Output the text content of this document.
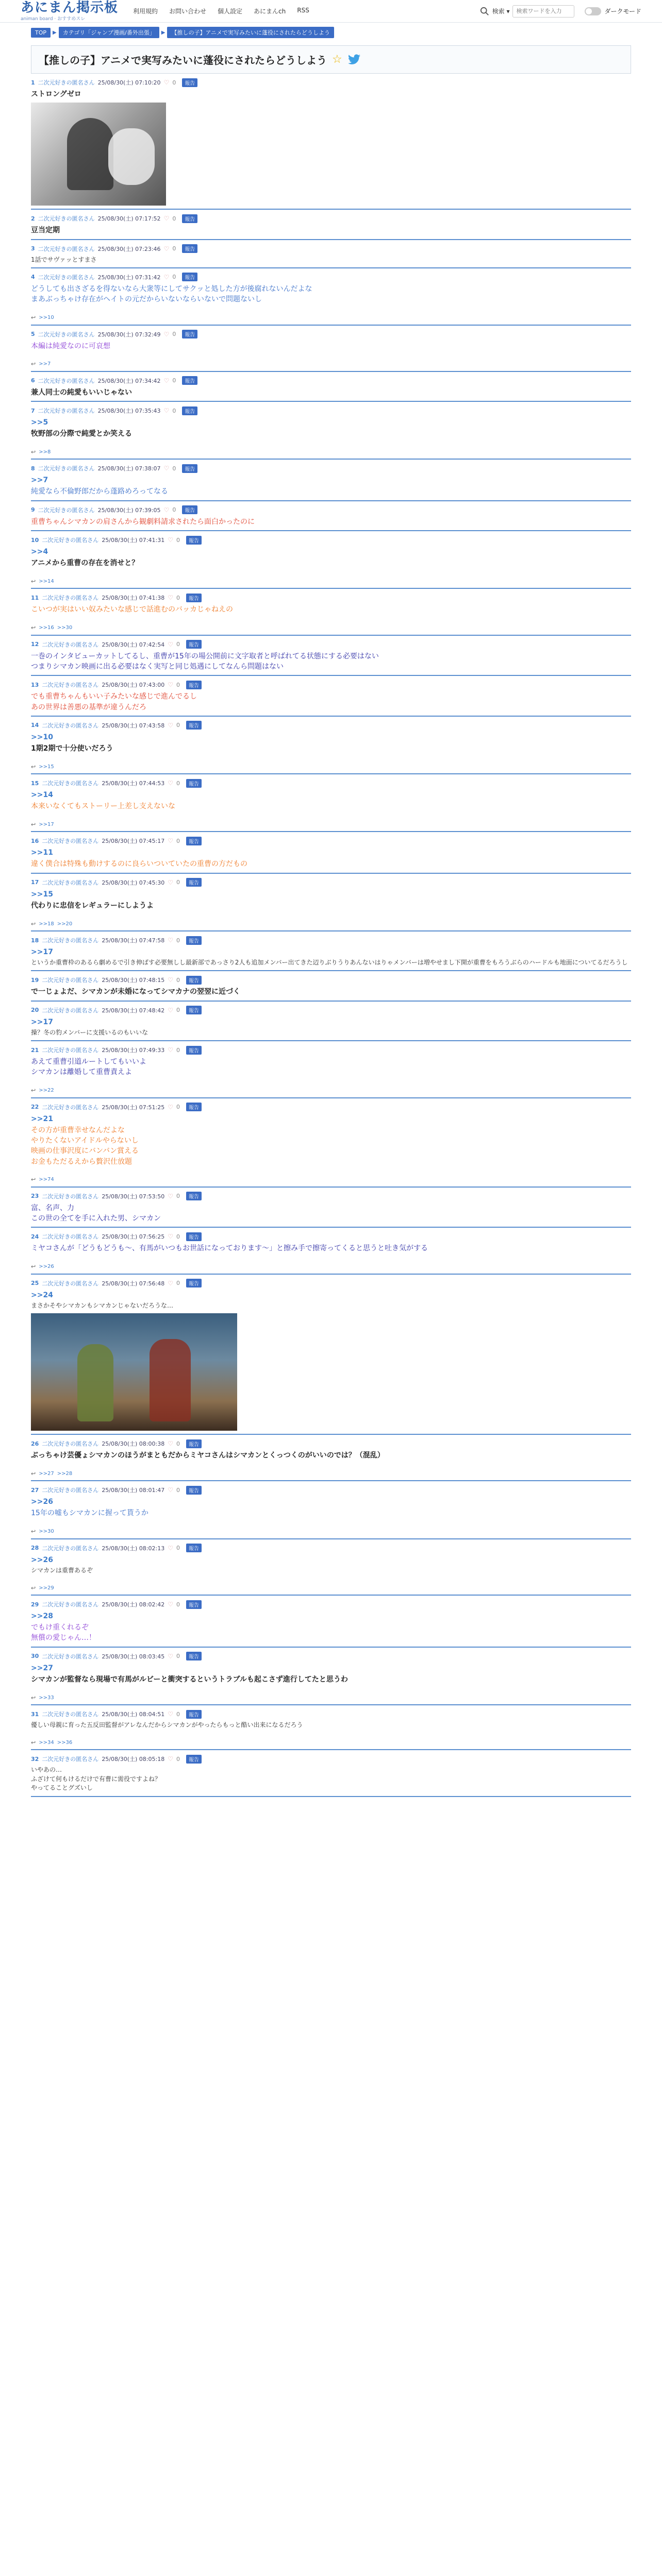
あにまん掲示板
animan board · おすすめスレ
利用規約 お問い合わせ 個人設定 あにまんch RSS	検索 ▾
検索ワードを入力	ダークモード
TOP	▶	カテゴリ「ジャンプ漫画/番外出張」	▶	【推しの子】アニメで実写みたいに蓬役にされたらどうしよう
【推しの子】アニメで実写みたいに蓬役にされたらどうしよう ☆
1 二次元好きの匿名さん 25/08/30(土) 07:10:20 ♡ 0	報告
ストロングゼロ
2 二次元好きの匿名さん 25/08/30(土) 07:17:52 ♡ 0	報告
豆当定期
3 二次元好きの匿名さん 25/08/30(土) 07:23:46 ♡ 0	報告
1話でサヴァッとすまさ
4 二次元好きの匿名さん 25/08/30(土) 07:31:42 ♡ 0	報告
どうしても出さざるを得ないなら大衆等にしてサクッと処した方が後腐れないんだよな
まあぶっちゃけ存在がヘイトの元だからいないならいないで問題ないし
↩ >>10
5 二次元好きの匿名さん 25/08/30(土) 07:32:49 ♡ 0	報告
本編は純愛なのに可哀想
↩ >>7
6 二次元好きの匿名さん 25/08/30(土) 07:34:42 ♡ 0	報告
兼人同士の純愛もいいじゃない
7 二次元好きの匿名さん 25/08/30(土) 07:35:43 ♡ 0	報告
>>5
牧野部の分際で純愛とか笑える
↩ >>8
8 二次元好きの匿名さん 25/08/30(土) 07:38:07 ♡ 0	報告
>>7
純愛なら不倫野郎だから蓬路めろってなる
9 二次元好きの匿名さん 25/08/30(土) 07:39:05 ♡ 0	報告
重曹ちゃんシマカンの肩さんから観劇料請求されたら面白かったのに
10 二次元好きの匿名さん 25/08/30(土) 07:41:31 ♡ 0	報告
>>4
アニメから重曹の存在を消せと？
↩ >>14
11 二次元好きの匿名さん 25/08/30(土) 07:41:38 ♡ 0	報告
こいつが実はいい奴みたいな感じで話進むのバッカじゃねえの
↩ >>16 >>30
12 二次元好きの匿名さん 25/08/30(土) 07:42:54 ♡ 0	報告
一巻のインタビューカットしてるし、重曹が15年の場公開前に文字取者と呼ばれてる状態にする必要はない
つまりシマカン映画に出る必要はなく実写と同じ処遇にしてなんら問題はない
13 二次元好きの匿名さん 25/08/30(土) 07:43:00 ♡ 0	報告
でも重曹ちゃんもいい子みたいな感じで進んでるし
あの世界は善悪の基準が違うんだろ
14 二次元好きの匿名さん 25/08/30(土) 07:43:58 ♡ 0	報告
>>10
1期2期で十分使いだろう
↩ >>15
15 二次元好きの匿名さん 25/08/30(土) 07:44:53 ♡ 0	報告
>>14
本来いなくてもストーリー上差し支えないな
↩ >>17
16 二次元好きの匿名さん 25/08/30(土) 07:45:17 ♡ 0	報告
>>11
違く僕合は特殊も動けするのに良らいついていたの重曹の方だもの
17 二次元好きの匿名さん 25/08/30(土) 07:45:30 ♡ 0	報告
>>15
代わりに忠信をレギュラーにしようよ
↩ >>18 >>20
18 二次元好きの匿名さん 25/08/30(土) 07:47:58 ♡ 0	報告
>>17
というか重曹枠のあるら劇めるで引き伸ばす必要無しし最新部であっさり2人も追加メンバー出てきた辺りぶりうりあんないはりゃメンバーは増やせまし下開が重曹をもろうぶらのハードルも地面についてるだろうし
19 二次元好きの匿名さん 25/08/30(土) 07:48:15 ♡ 0	報告
で一じょよだ、シマカンが未婚になってシマカナの翌翌に近づく
20 二次元好きの匿名さん 25/08/30(土) 07:48:42 ♡ 0	報告
>>17
操？冬の豹メンバーに支援いるのもいいな
21 二次元好きの匿名さん 25/08/30(土) 07:49:33 ♡ 0	報告
あえて重曹引道ルートしてもいいよ
シマカンは離婚して重曹責えよ
↩ >>22
22 二次元好きの匿名さん 25/08/30(土) 07:51:25 ♡ 0	報告
>>21
その方が重曹幸せなんだよな
やりたくないアイドルやらないし
映画の仕事沢度にバンバン賞える
お金もただるえから贅沢仕放題
↩ >>74
23 二次元好きの匿名さん 25/08/30(土) 07:53:50 ♡ 0	報告
富、名声、力
この世の全てを手に入れた男、シマカン
24 二次元好きの匿名さん 25/08/30(土) 07:56:25 ♡ 0	報告
ミヤコさんが「どうもどうも〜、有馬がいつもお世話になっております〜」と擦み手で擦寄ってくると思うと吐き気がする
↩ >>26
25 二次元好きの匿名さん 25/08/30(土) 07:56:48 ♡ 0	報告
>>24
まさかそやシマカンもシマカンじゃないだろうな…
26 二次元好きの匿名さん 25/08/30(土) 08:00:38 ♡ 0	報告
ぶっちゃけ芸優ょシマカンのほうがまともだからミヤコさんはシマカンとくっつくのがいいのでは？（混乱）
↩ >>27 >>28
27 二次元好きの匿名さん 25/08/30(土) 08:01:47 ♡ 0	報告
>>26
15年の嘘もシマカンに握って貰うか
↩ >>30
28 二次元好きの匿名さん 25/08/30(土) 08:02:13 ♡ 0	報告
>>26
シマカンは重曹あるぞ
↩ >>29
29 二次元好きの匿名さん 25/08/30(土) 08:02:42 ♡ 0	報告
>>28
でもけ重くれるぞ
無償の愛じゃん…！
30 二次元好きの匿名さん 25/08/30(土) 08:03:45 ♡ 0	報告
>>27
シマカンが監督なら現場で有馬がルビーと衝突するというトラブルも起こさず進行してたと思うわ
↩ >>33
31 二次元好きの匿名さん 25/08/30(土) 08:04:51 ♡ 0	報告
優しい母親に育った五反田監督がアレなんだからシマカンがやったらもっと酷い出来になるだろう
↩ >>34 >>36
32 二次元好きの匿名さん 25/08/30(土) 08:05:18 ♡ 0	報告
いやあの…
ふざけて何もけるだけで有曹に需役ですよね？
やってることグズいし
